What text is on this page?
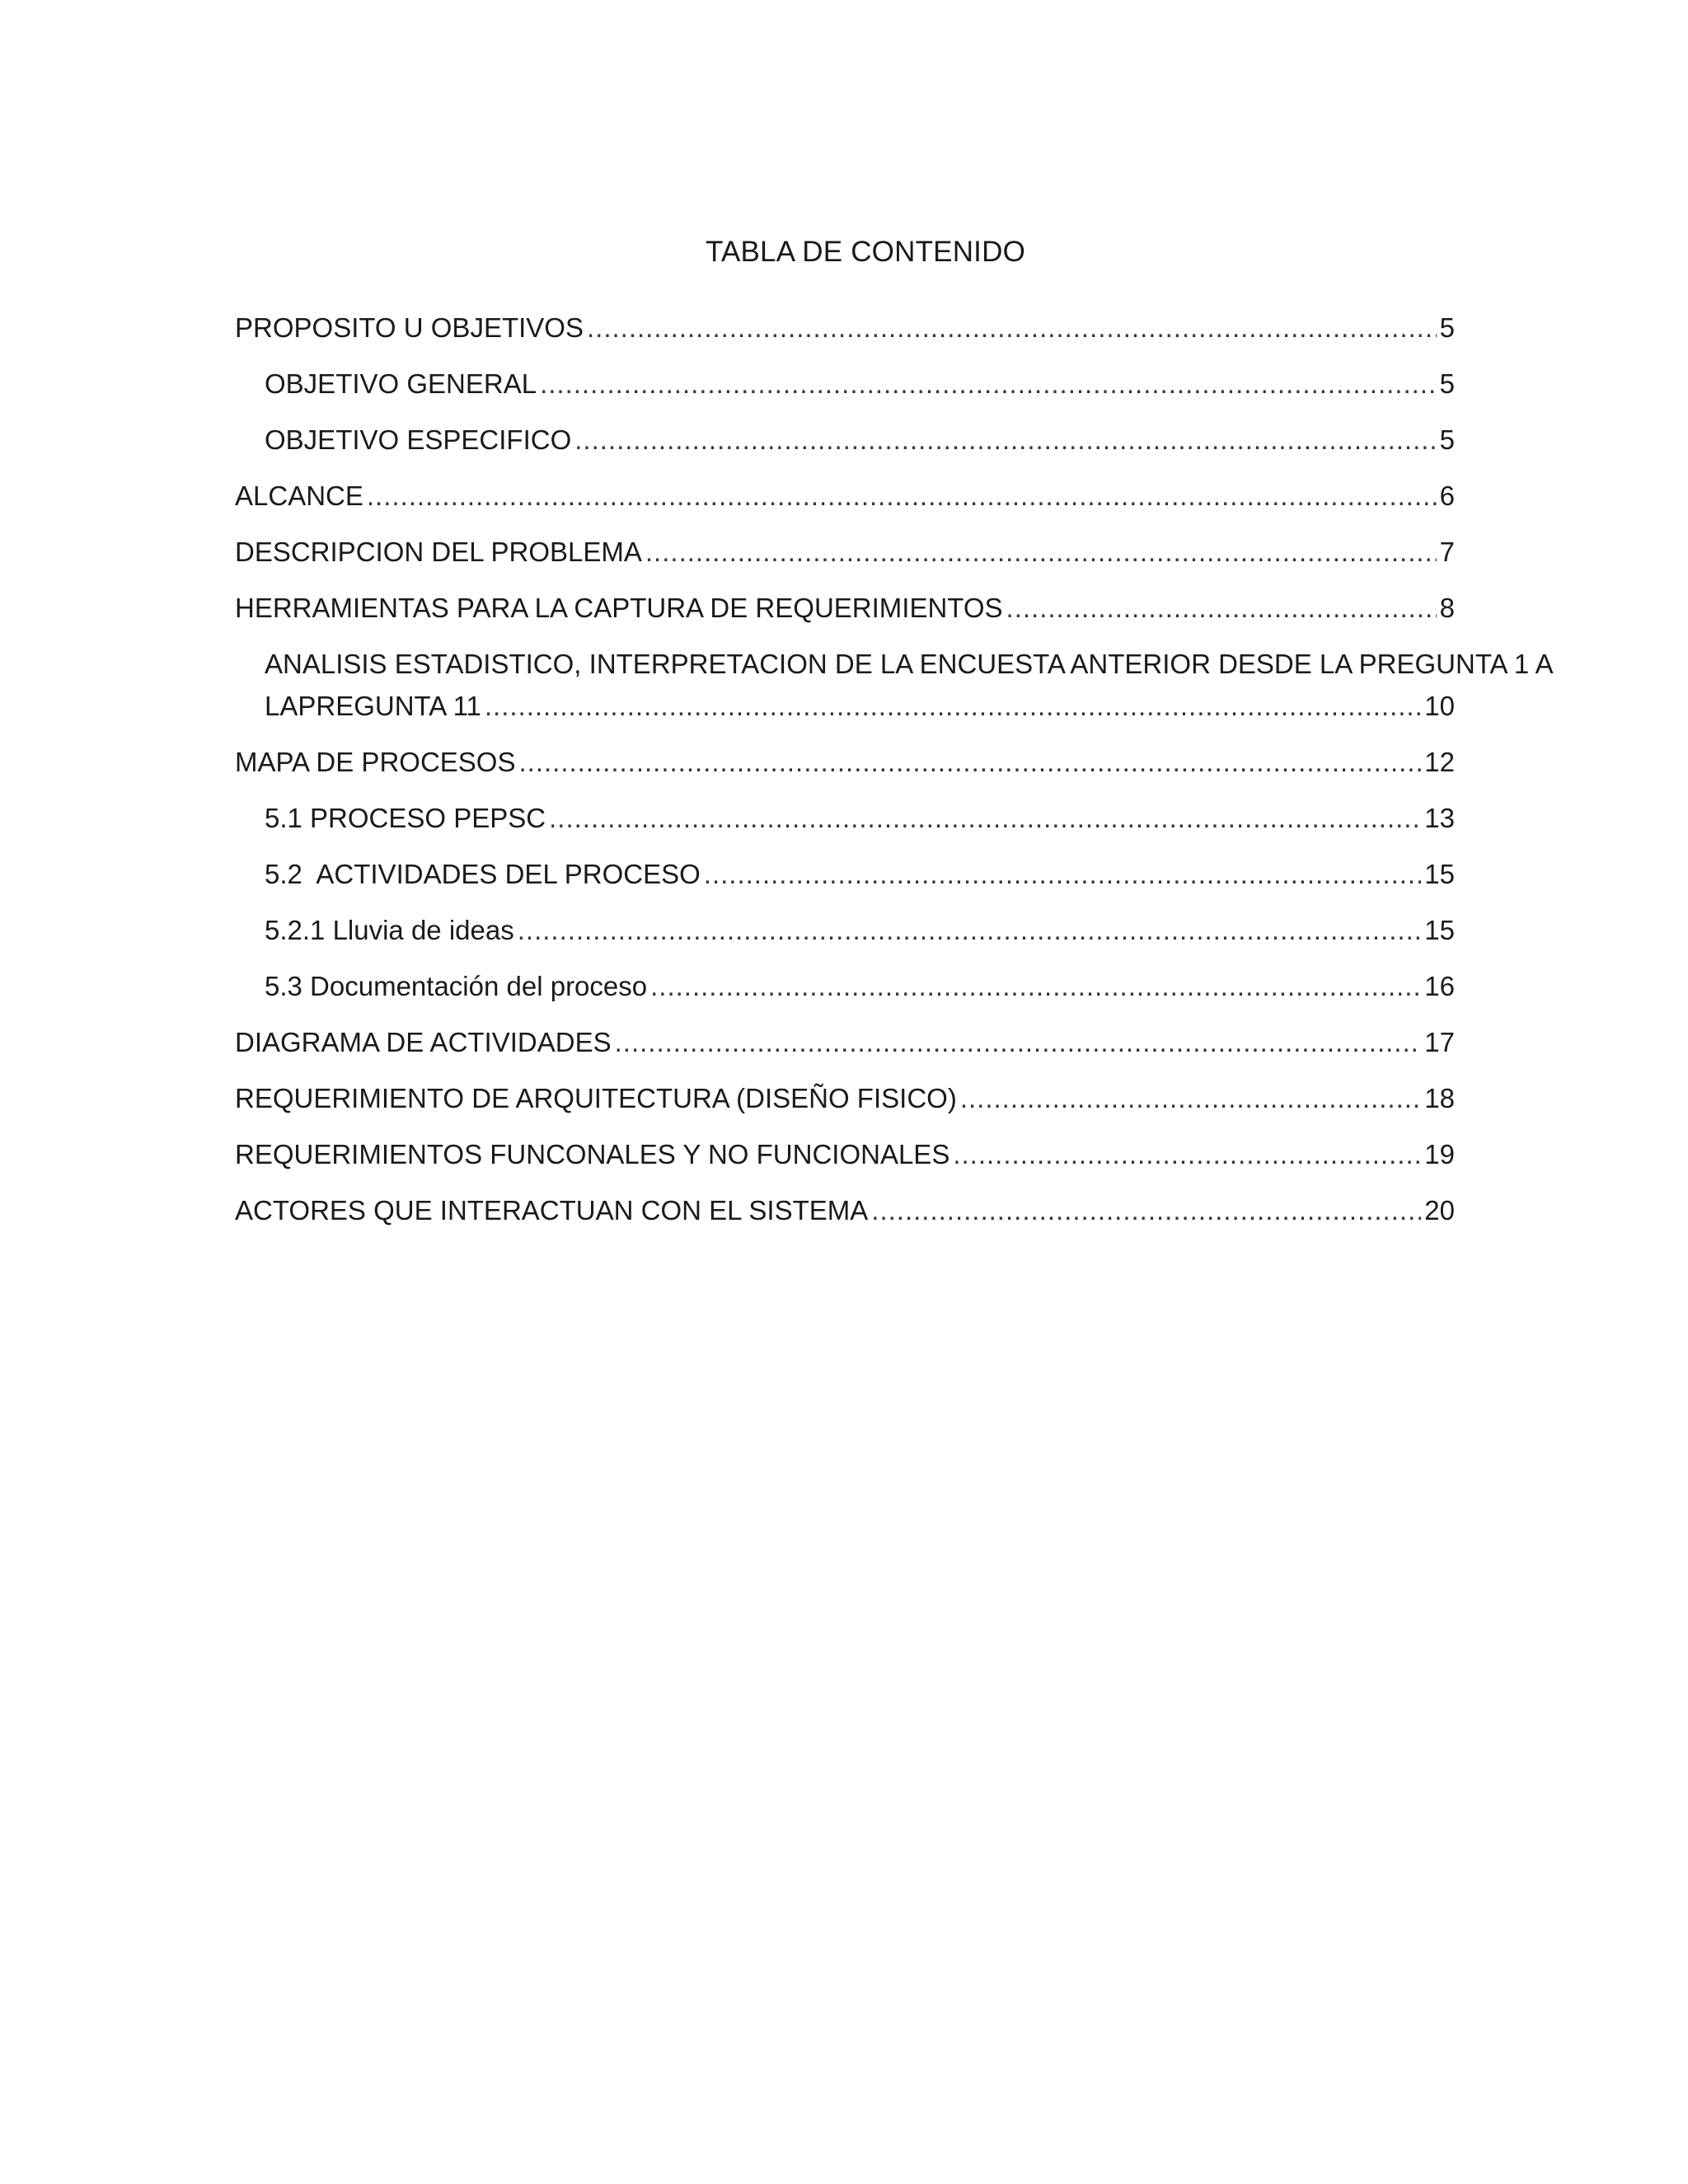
TABLA DE CONTENIDO
PROPOSITO U OBJETIVOS .....	5
OBJETIVO GENERAL .....	5
OBJETIVO ESPECIFICO .....	5
ALCANCE .....	6
DESCRIPCION DEL PROBLEMA .....	7
HERRAMIENTAS PARA LA CAPTURA DE REQUERIMIENTOS .....	8
ANALISIS ESTADISTICO, INTERPRETACION DE LA ENCUESTA ANTERIOR DESDE LA PREGUNTA 1 A
LAPREGUNTA 11 .....	10
MAPA DE PROCESOS .....	12
5.1 PROCESO PEPSC .....	13
5.2  ACTIVIDADES DEL PROCESO .....	15
5.2.1 Lluvia de ideas .....	15
5.3 Documentación del proceso .....	16
DIAGRAMA DE ACTIVIDADES .....	17
REQUERIMIENTO DE ARQUITECTURA (DISEÑO FISICO) .....	18
REQUERIMIENTOS FUNCONALES Y NO FUNCIONALES .....	19
ACTORES QUE INTERACTUAN CON EL SISTEMA .....	20
